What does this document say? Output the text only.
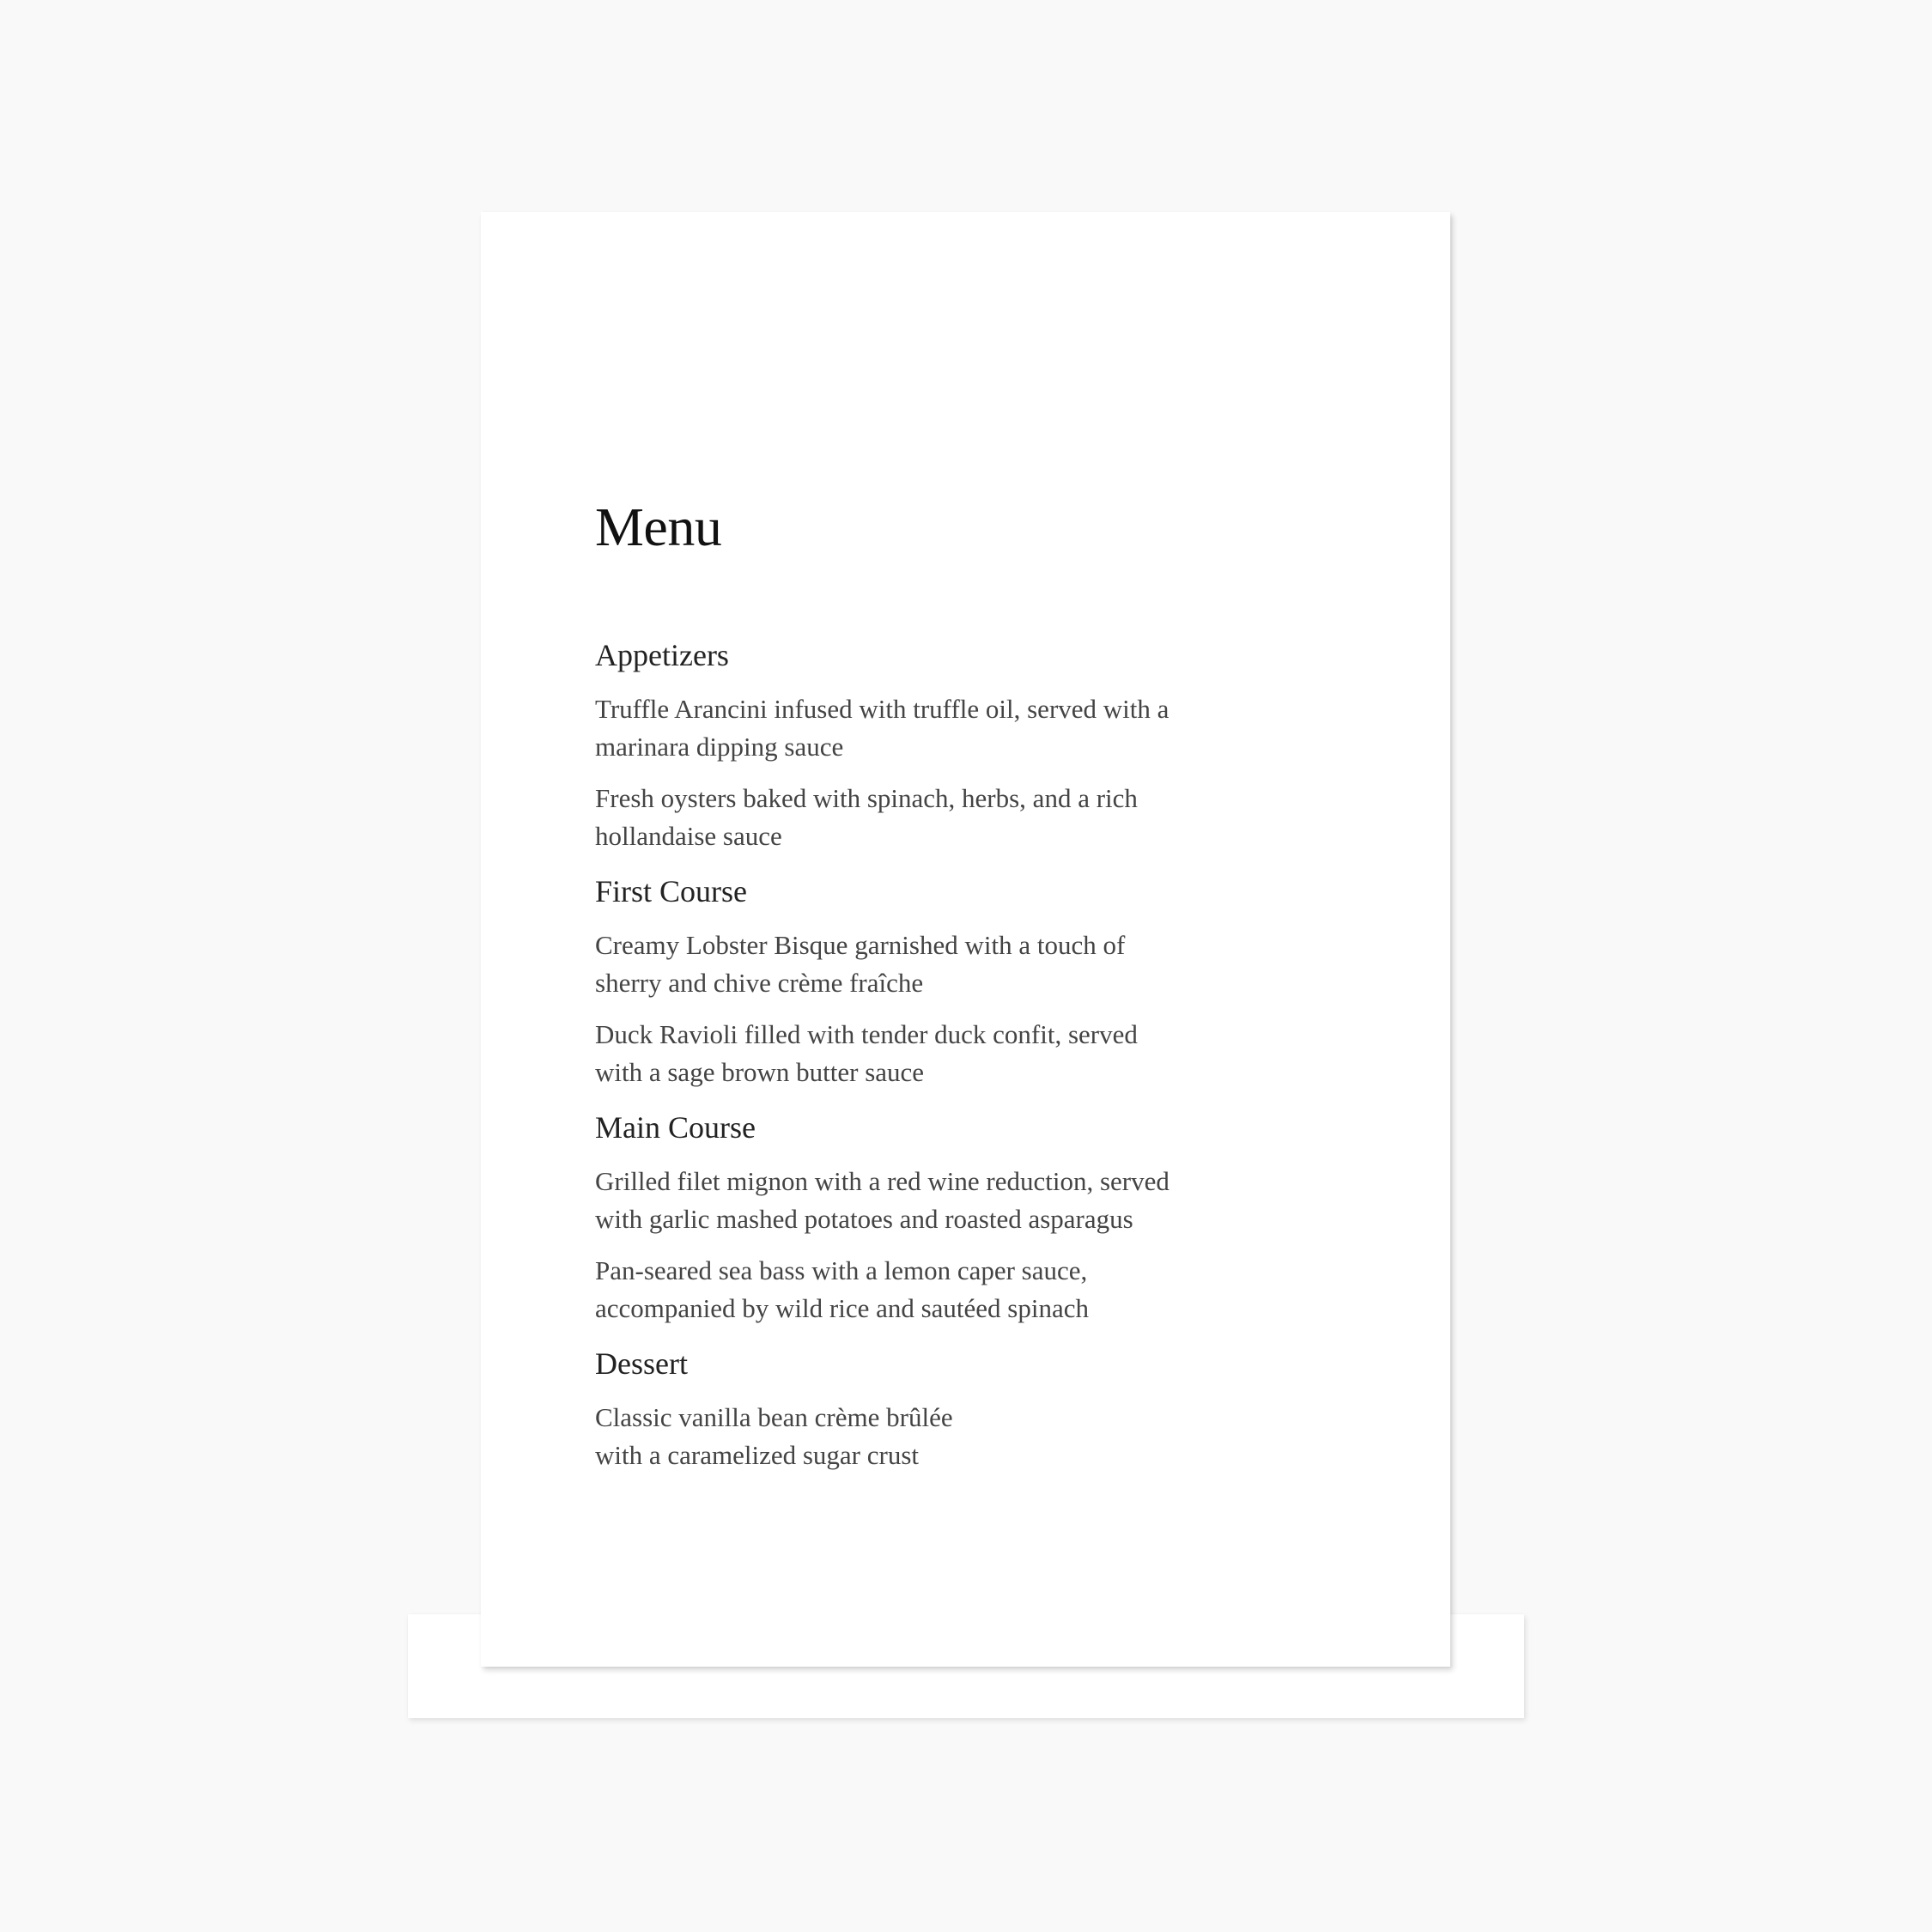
Menu
Appetizers

Truffle Arancini infused with truffle oil, served with a
marinara dipping sauce

Fresh oysters baked with spinach, herbs, and a rich
hollandaise sauce

First Course

Creamy Lobster Bisque garnished with a touch of
sherry and chive crème fraîche

Duck Ravioli filled with tender duck confit, served
with a sage brown butter sauce

Main Course

Grilled filet mignon with a red wine reduction, served
with garlic mashed potatoes and roasted asparagus

Pan-seared sea bass with a lemon caper sauce,
accompanied by wild rice and sautéed spinach

Dessert

Classic vanilla bean crème brûlée
with a caramelized sugar crust
